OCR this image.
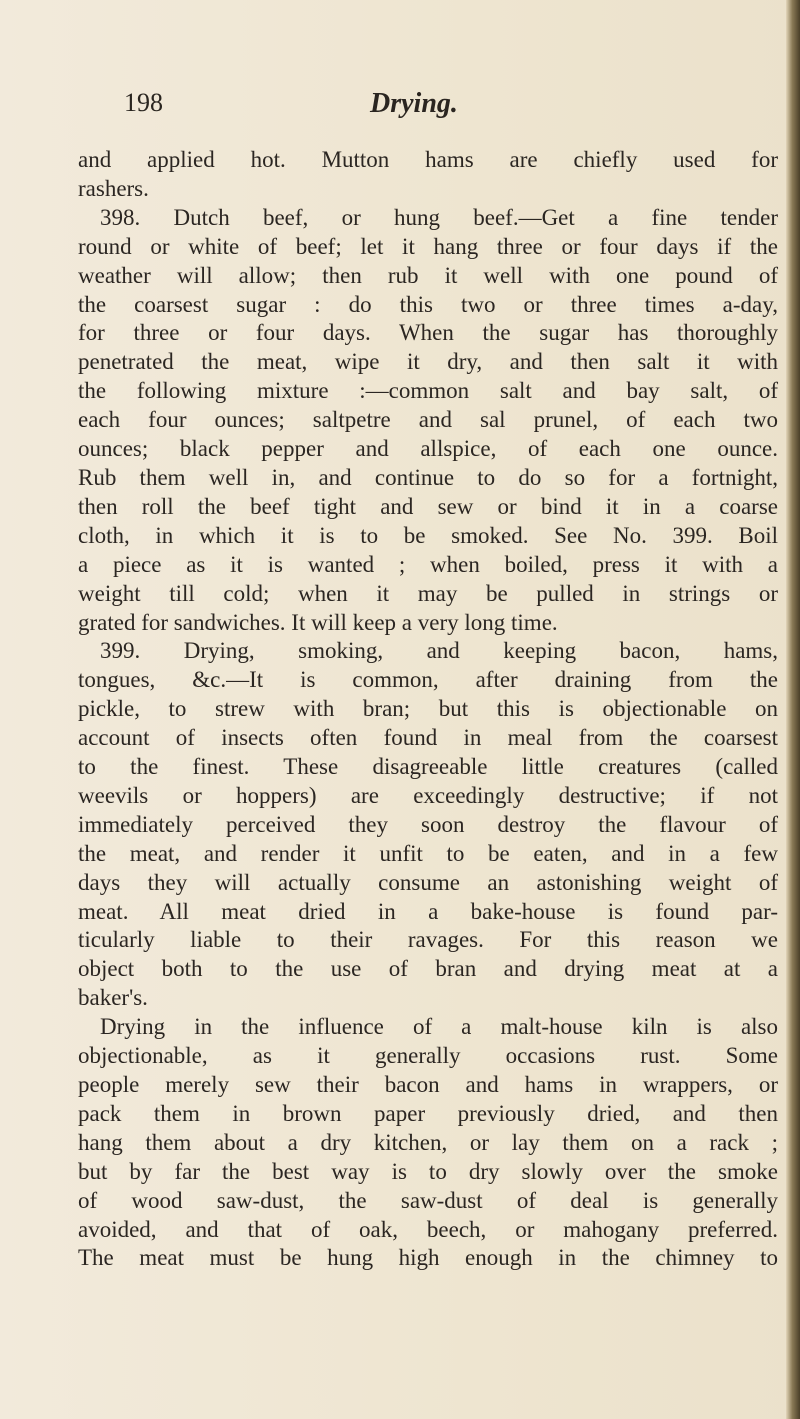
198	Drying.
and applied hot. Mutton hams are chiefly used for
rashers.
398. Dutch beef, or hung beef.—Get a fine tender
round or white of beef; let it hang three or four days if the
weather will allow; then rub it well with one pound of
the coarsest sugar : do this two or three times a-day,
for three or four days. When the sugar has thoroughly
penetrated the meat, wipe it dry, and then salt it with
the following mixture :—common salt and bay salt, of
each four ounces; saltpetre and sal prunel, of each two
ounces; black pepper and allspice, of each one ounce.
Rub them well in, and continue to do so for a fortnight,
then roll the beef tight and sew or bind it in a coarse
cloth, in which it is to be smoked. See No. 399. Boil
a piece as it is wanted ; when boiled, press it with a
weight till cold; when it may be pulled in strings or
grated for sandwiches. It will keep a very long time.
399. Drying, smoking, and keeping bacon, hams,
tongues, &c.—It is common, after draining from the
pickle, to strew with bran; but this is objectionable on
account of insects often found in meal from the coarsest
to the finest. These disagreeable little creatures (called
weevils or hoppers) are exceedingly destructive; if not
immediately perceived they soon destroy the flavour of
the meat, and render it unfit to be eaten, and in a few
days they will actually consume an astonishing weight of
meat. All meat dried in a bake-house is found par-
ticularly liable to their ravages. For this reason we
object both to the use of bran and drying meat at a
baker's.
Drying in the influence of a malt-house kiln is also
objectionable, as it generally occasions rust. Some
people merely sew their bacon and hams in wrappers, or
pack them in brown paper previously dried, and then
hang them about a dry kitchen, or lay them on a rack ;
but by far the best way is to dry slowly over the smoke
of wood saw-dust, the saw-dust of deal is generally
avoided, and that of oak, beech, or mahogany preferred.
The meat must be hung high enough in the chimney to
